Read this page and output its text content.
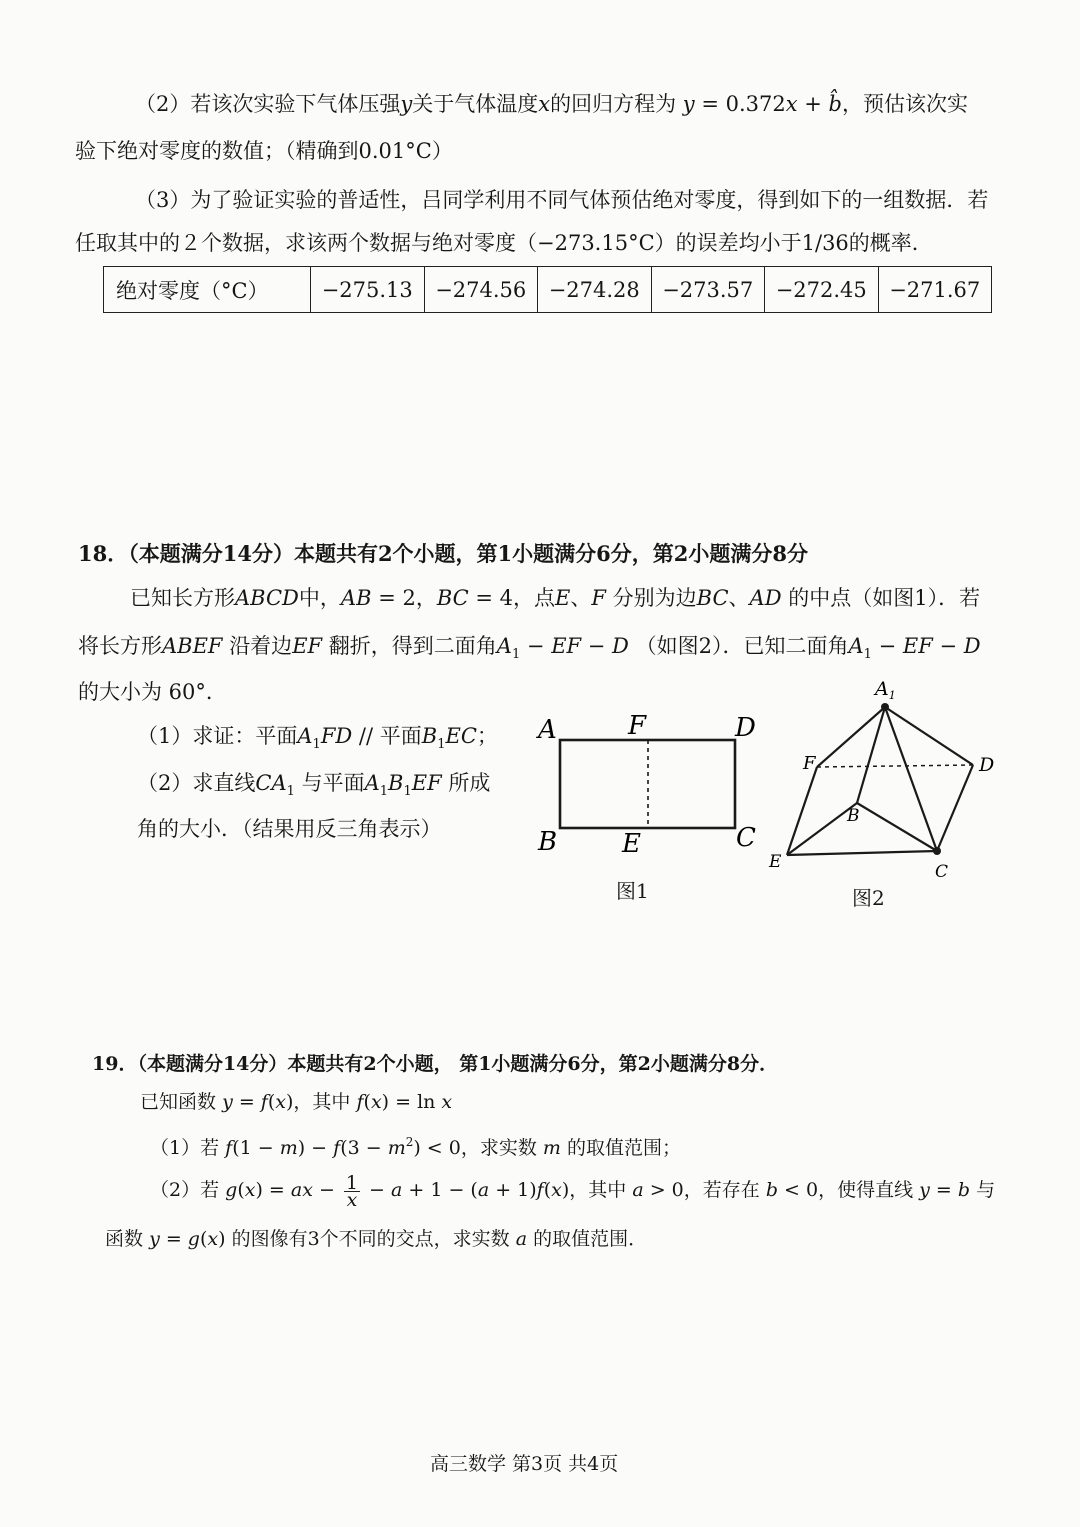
（2）若该次实验下气体压强y关于气体温度x的回归方程为 y = 0.372x + b̂，预估该次实
验下绝对零度的数值；（精确到0.01°C）
（3）为了验证实验的普适性，吕同学利用不同气体预估绝对零度，得到如下的一组数据．若
任取其中的２个数据，求该两个数据与绝对零度（−273.15°C）的误差均小于1/36的概率．
绝对零度（°C）	−275.13	−274.56	−274.28	−273.57	−272.45	−271.67
18．（本题满分14分）本题共有2个小题，第1小题满分6分，第2小题满分8分
已知长方形ABCD中，AB = 2，BC = 4，点E、F 分别为边BC、AD 的中点（如图1）．若
将长方形ABEF 沿着边EF 翻折，得到二面角$A_1$ − EF − D （如图2）．已知二面角$A_1$ − EF − D
的大小为 60°．
（1）求证：平面$A_1FD$ // 平面$B_1EC$；
（2）求直线$CA_1$ 与平面$A_1B_1EF$ 所成
角的大小．（结果用反三角表示）
A	F	D
B E	C
图1
$A_1$
F	D
B
E	C
图2
19．（本题满分14分）本题共有2个小题， 第1小题满分6分，第2小题满分8分．
已知函数 y = f(x)，其中 f(x) = ln x
（1）若 $f(1 - m) - f(3 - m^2) < 0$，求实数 m 的取值范围；
（2）若 g(x) = ax − $\frac{1}{x} - a + 1 - (a + 1)f(x)$，其中 a > 0，若存在 b < 0，使得直线 y = b 与
函数 y = g(x) 的图像有3个不同的交点，求实数 a 的取值范围．
高三数学 第3页 共4页
